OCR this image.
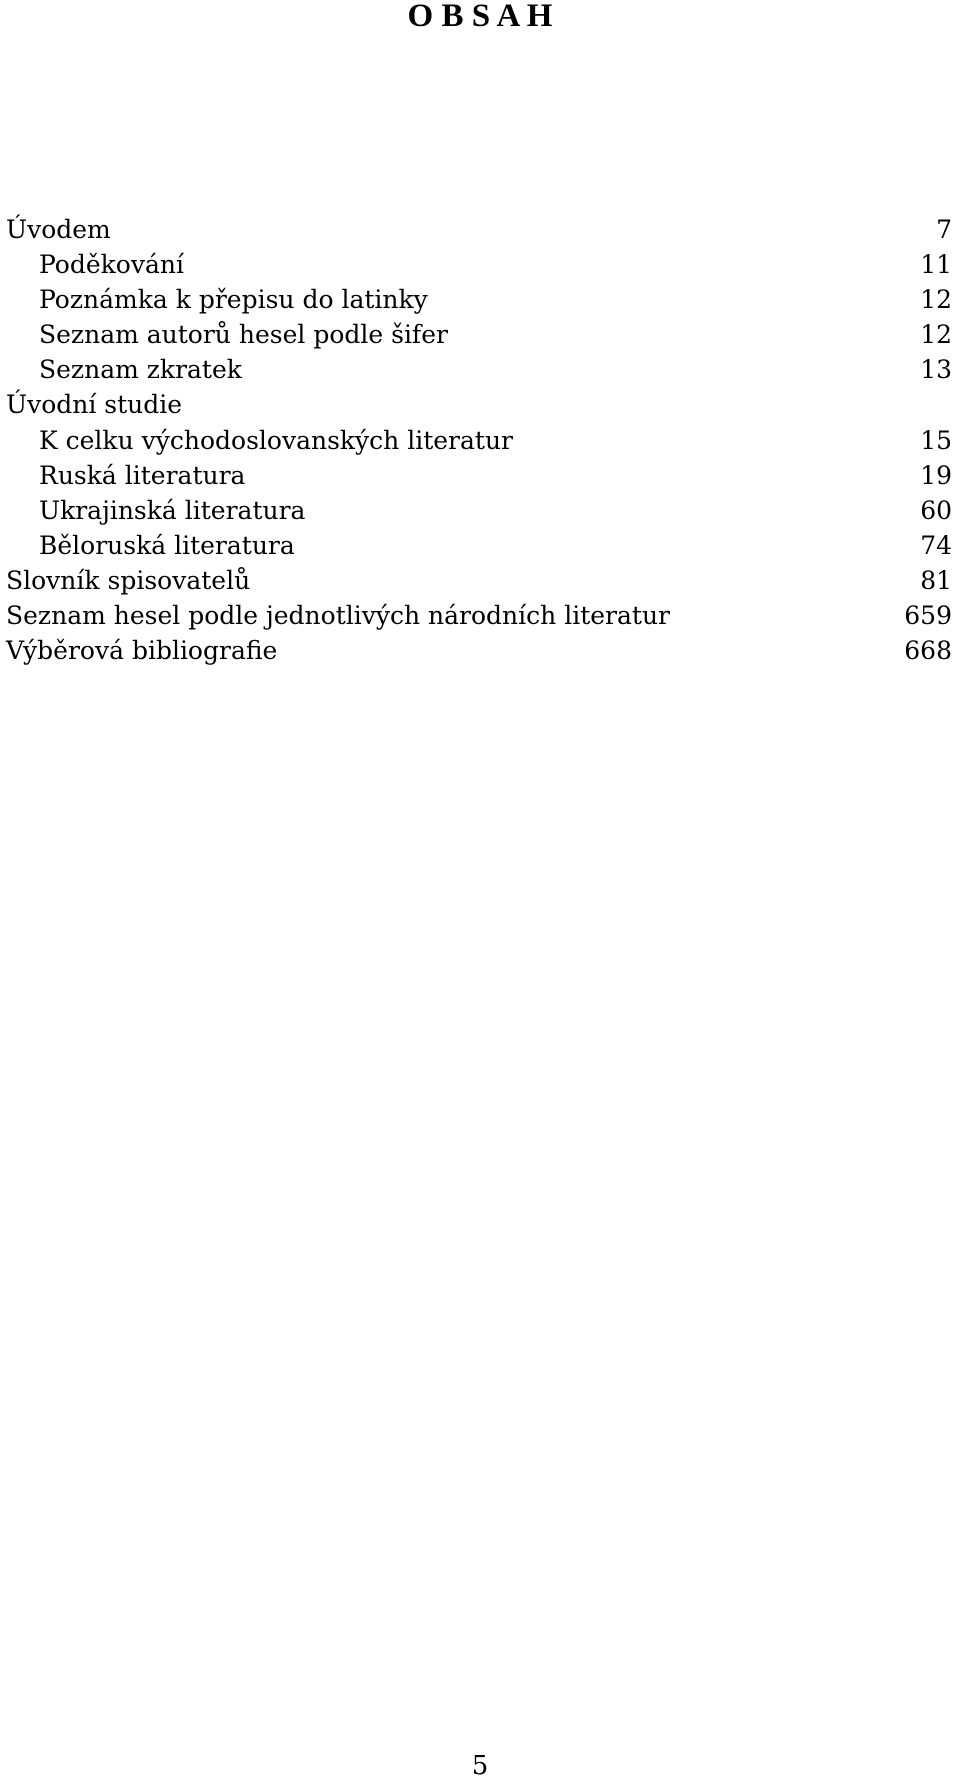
O B S A H
Úvodem	7
Poděkování	11
Poznámka k přepisu do latinky	12
Seznam autorů hesel podle šifer	12
Seznam zkratek	13
Úvodní studie
K celku východoslovanských literatur	15
Ruská literatura	19
Ukrajinská literatura	60
Běloruská literatura	74
Slovník spisovatelů	81
Seznam hesel podle jednotlivých národních literatur	659
Výběrová bibliografie	668

5
